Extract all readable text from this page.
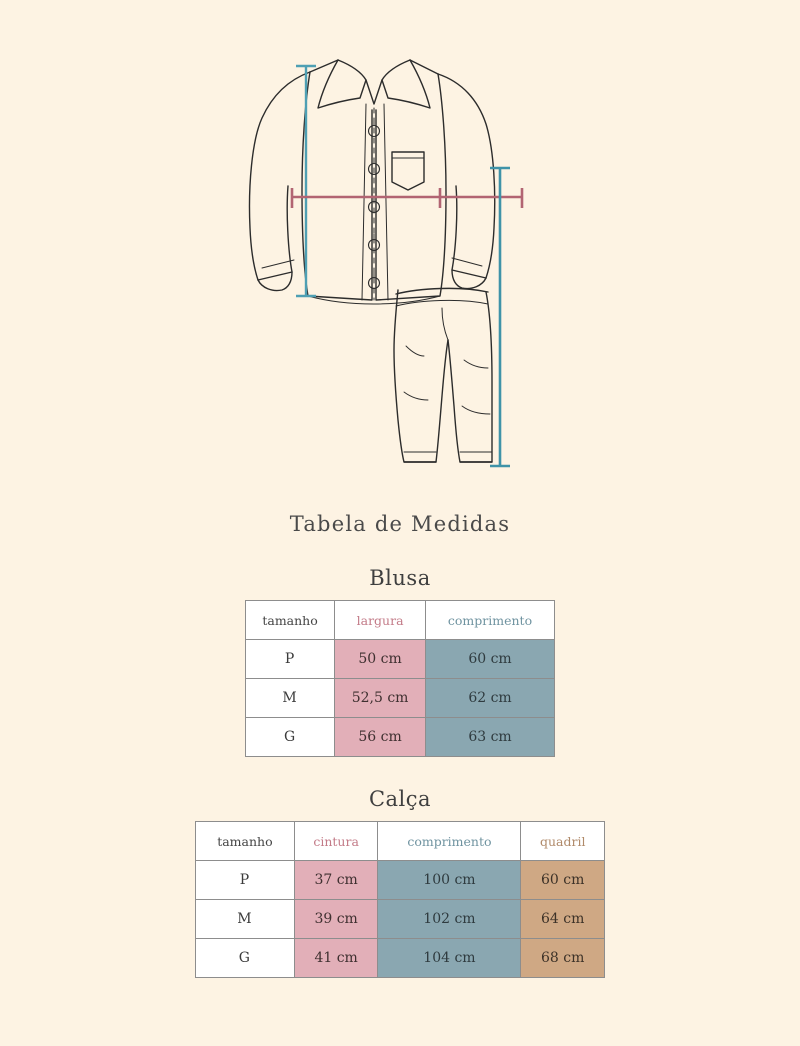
Tabela de Medidas
Blusa
tamanho	largura	comprimento
P	50 cm	60 cm
M	52,5 cm	62 cm
G	56 cm	63 cm
Calça
tamanho	cintura	comprimento	quadril
P	37 cm	100 cm	60 cm
M	39 cm	102 cm	64 cm
G	41 cm	104 cm	68 cm
